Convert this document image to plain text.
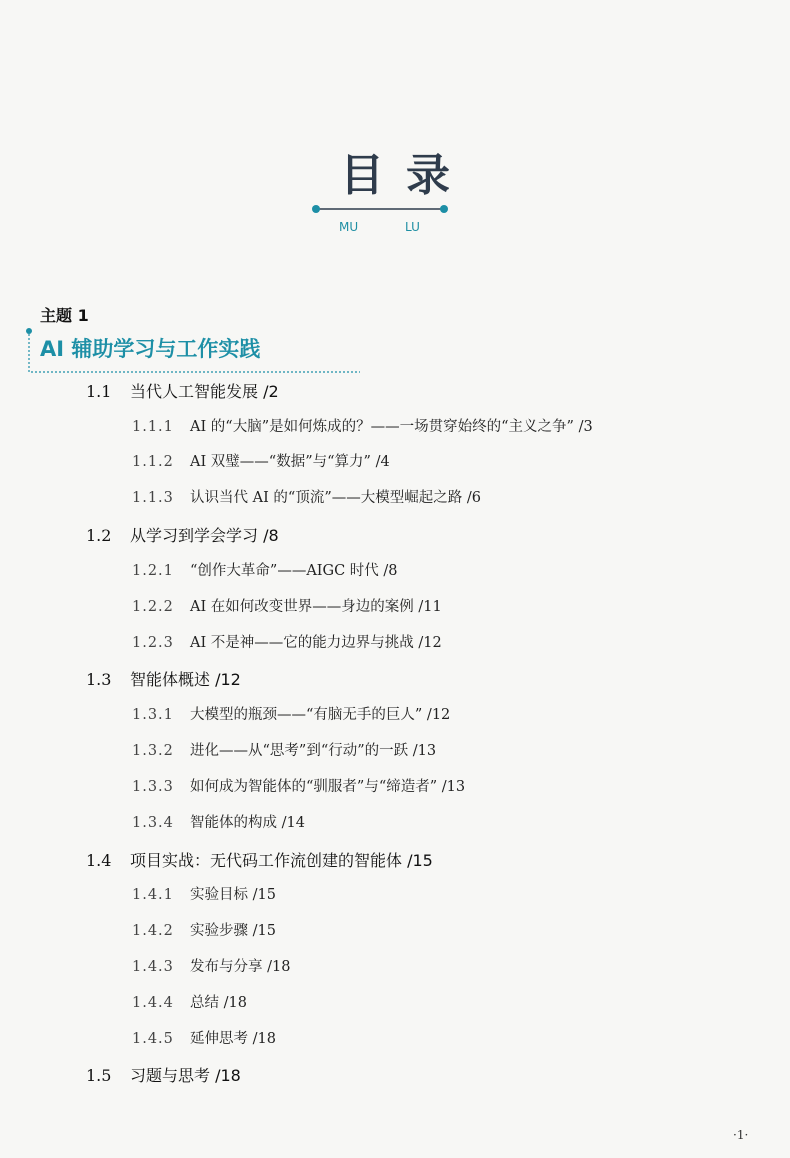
目录
MU	LU
主题 1
AI 辅助学习与工作实践
1.1 当代人工智能发展 /2
1.1.1 AI 的“大脑”是如何炼成的？——一场贯穿始终的“主义之争” /3
1.1.2 AI 双璧——“数据”与“算力” /4
1.1.3 认识当代 AI 的“顶流”——大模型崛起之路 /6
1.2 从学习到学会学习 /8
1.2.1 “创作大革命”——AIGC 时代 /8
1.2.2 AI 在如何改变世界——身边的案例 /11
1.2.3 AI 不是神——它的能力边界与挑战 /12
1.3 智能体概述 /12
1.3.1 大模型的瓶颈——“有脑无手的巨人” /12
1.3.2 进化——从“思考”到“行动”的一跃 /13
1.3.3 如何成为智能体的“驯服者”与“缔造者” /13
1.3.4 智能体的构成 /14
1.4 项目实战：无代码工作流创建的智能体 /15
1.4.1 实验目标 /15
1.4.2 实验步骤 /15
1.4.3 发布与分享 /18
1.4.4 总结 /18
1.4.5 延伸思考 /18
1.5 习题与思考 /18
·1·
